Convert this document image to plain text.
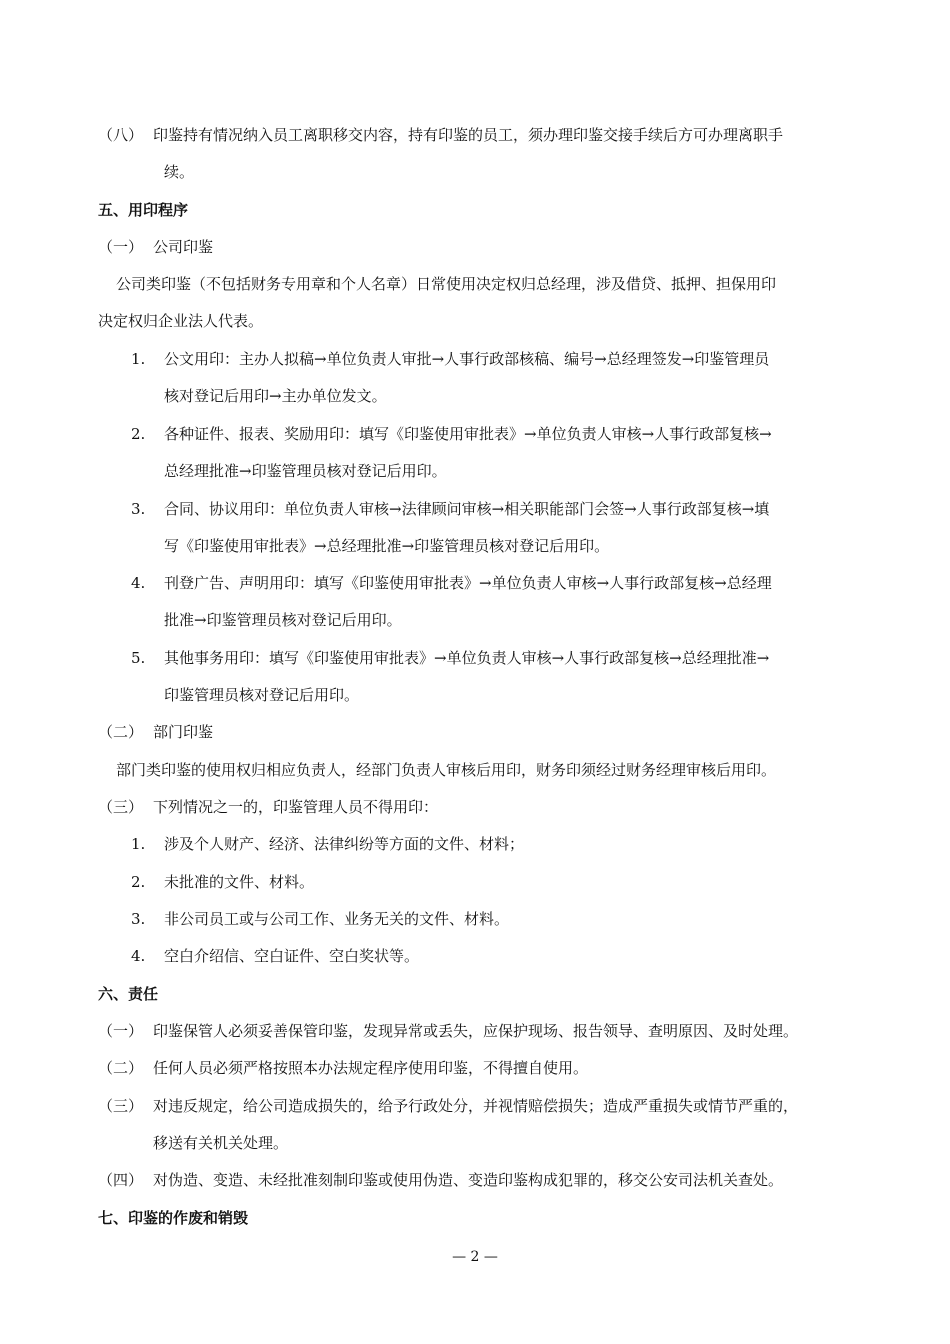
（八） 印鉴持有情况纳入员工离职移交内容，持有印鉴的员工，须办理印鉴交接手续后方可办理离职手
续。
五、用印程序
（一） 公司印鉴
公司类印鉴（不包括财务专用章和个人名章）日常使用决定权归总经理，涉及借贷、抵押、担保用印
决定权归企业法人代表。
1. 公文用印：主办人拟稿→单位负责人审批→人事行政部核稿、编号→总经理签发→印鉴管理员
核对登记后用印→主办单位发文。
2. 各种证件、报表、奖励用印：填写《印鉴使用审批表》→单位负责人审核→人事行政部复核→
总经理批准→印鉴管理员核对登记后用印。
3. 合同、协议用印：单位负责人审核→法律顾问审核→相关职能部门会签→人事行政部复核→填
写《印鉴使用审批表》→总经理批准→印鉴管理员核对登记后用印。
4. 刊登广告、声明用印：填写《印鉴使用审批表》→单位负责人审核→人事行政部复核→总经理
批准→印鉴管理员核对登记后用印。
5. 其他事务用印：填写《印鉴使用审批表》→单位负责人审核→人事行政部复核→总经理批准→
印鉴管理员核对登记后用印。
（二） 部门印鉴
部门类印鉴的使用权归相应负责人，经部门负责人审核后用印，财务印须经过财务经理审核后用印。
（三） 下列情况之一的，印鉴管理人员不得用印：
1. 涉及个人财产、经济、法律纠纷等方面的文件、材料；
2. 未批准的文件、材料。
3. 非公司员工或与公司工作、业务无关的文件、材料。
4. 空白介绍信、空白证件、空白奖状等。
六、责任
（一） 印鉴保管人必须妥善保管印鉴，发现异常或丢失，应保护现场、报告领导、查明原因、及时处理。
（二） 任何人员必须严格按照本办法规定程序使用印鉴，不得擅自使用。
（三） 对违反规定，给公司造成损失的，给予行政处分，并视情赔偿损失；造成严重损失或情节严重的，
移送有关机关处理。
（四） 对伪造、变造、未经批准刻制印鉴或使用伪造、变造印鉴构成犯罪的，移交公安司法机关查处。
七、印鉴的作废和销毁
— 2 —
